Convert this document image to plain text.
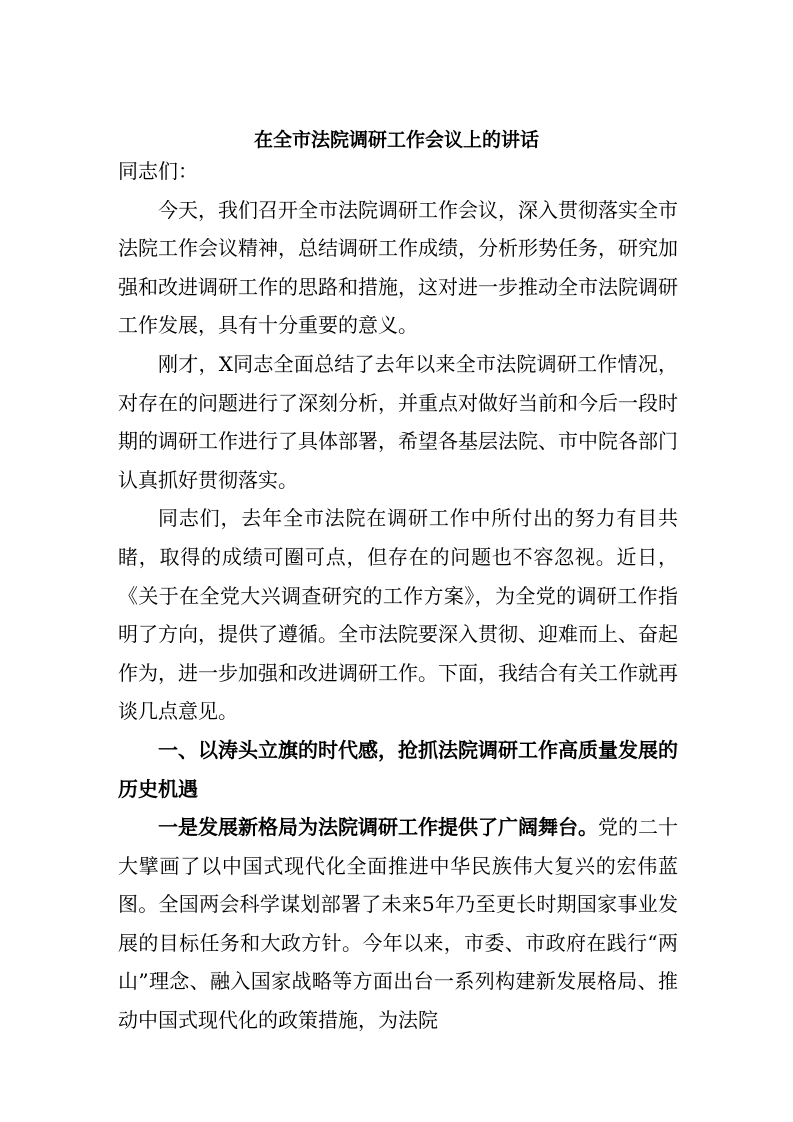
在全市法院调研工作会议上的讲话

同志们：

今天，我们召开全市法院调研工作会议，深入贯彻落实全市法院工作会议精神，总结调研工作成绩，分析形势任务，研究加强和改进调研工作的思路和措施，这对进一步推动全市法院调研工作发展，具有十分重要的意义。

刚才，X同志全面总结了去年以来全市法院调研工作情况，对存在的问题进行了深刻分析，并重点对做好当前和今后一段时期的调研工作进行了具体部署，希望各基层法院、市中院各部门认真抓好贯彻落实。

同志们，去年全市法院在调研工作中所付出的努力有目共睹，取得的成绩可圈可点，但存在的问题也不容忽视。近日，《关于在全党大兴调查研究的工作方案》，为全党的调研工作指明了方向，提供了遵循。全市法院要深入贯彻、迎难而上、奋起作为，进一步加强和改进调研工作。下面，我结合有关工作就再谈几点意见。

一、以涛头立旗的时代感，抢抓法院调研工作高质量发展的历史机遇

一是发展新格局为法院调研工作提供了广阔舞台。党的二十大擘画了以中国式现代化全面推进中华民族伟大复兴的宏伟蓝图。全国两会科学谋划部署了未来5年乃至更长时期国家事业发展的目标任务和大政方针。今年以来，市委、市政府在践行“两山”理念、融入国家战略等方面出台一系列构建新发展格局、推动中国式现代化的政策措施，为法院
